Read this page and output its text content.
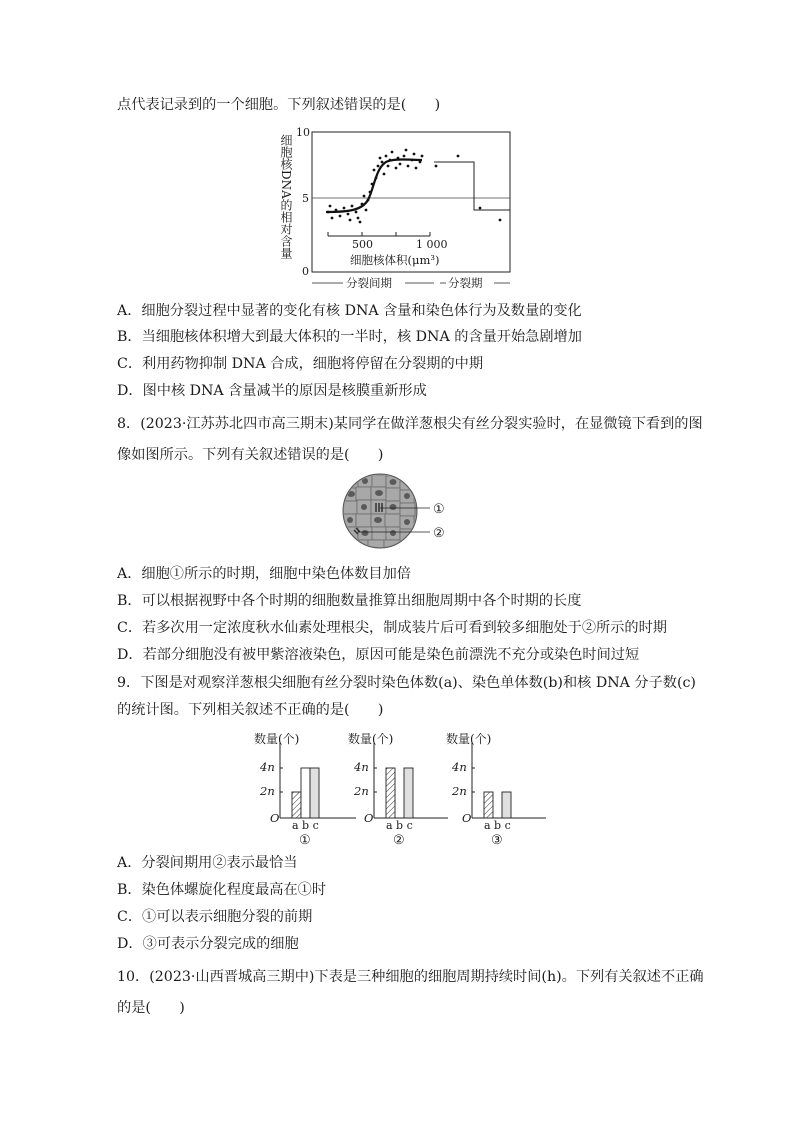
点代表记录到的一个细胞。下列叙述错误的是(　　)
细胞核DNA的相对含量
10
5
0
500	1 000
细胞核体积(μm³)
分裂间期	分裂期
A．细胞分裂过程中显著的变化有核 DNA 含量和染色体行为及数量的变化
B．当细胞核体积增大到最大体积的一半时，核 DNA 的含量开始急剧增加
C．利用药物抑制 DNA 合成，细胞将停留在分裂期的中期
D．图中核 DNA 含量减半的原因是核膜重新形成
8．(2023·江苏苏北四市高三期末)某同学在做洋葱根尖有丝分裂实验时，在显微镜下看到的图
像如图所示。下列有关叙述错误的是(　　)
①
②
A．细胞①所示的时期，细胞中染色体数目加倍
B．可以根据视野中各个时期的细胞数量推算出细胞周期中各个时期的长度
C．若多次用一定浓度秋水仙素处理根尖，制成装片后可看到较多细胞处于②所示的时期
D．若部分细胞没有被甲紫溶液染色，原因可能是染色前漂洗不充分或染色时间过短
9．下图是对观察洋葱根尖细胞有丝分裂时染色体数(a)、染色单体数(b)和核 DNA 分子数(c)
的统计图。下列相关叙述不正确的是(　　)
数量(个)
4n
2n
O
a b c
①
数量(个)
4n
2n
O
a b c
②
数量(个)
4n
2n
O
a b c
③
A．分裂间期用②表示最恰当
B．染色体螺旋化程度最高在①时
C．①可以表示细胞分裂的前期
D．③可表示分裂完成的细胞
10．(2023·山西晋城高三期中)下表是三种细胞的细胞周期持续时间(h)。下列有关叙述不正确
的是(　　)
